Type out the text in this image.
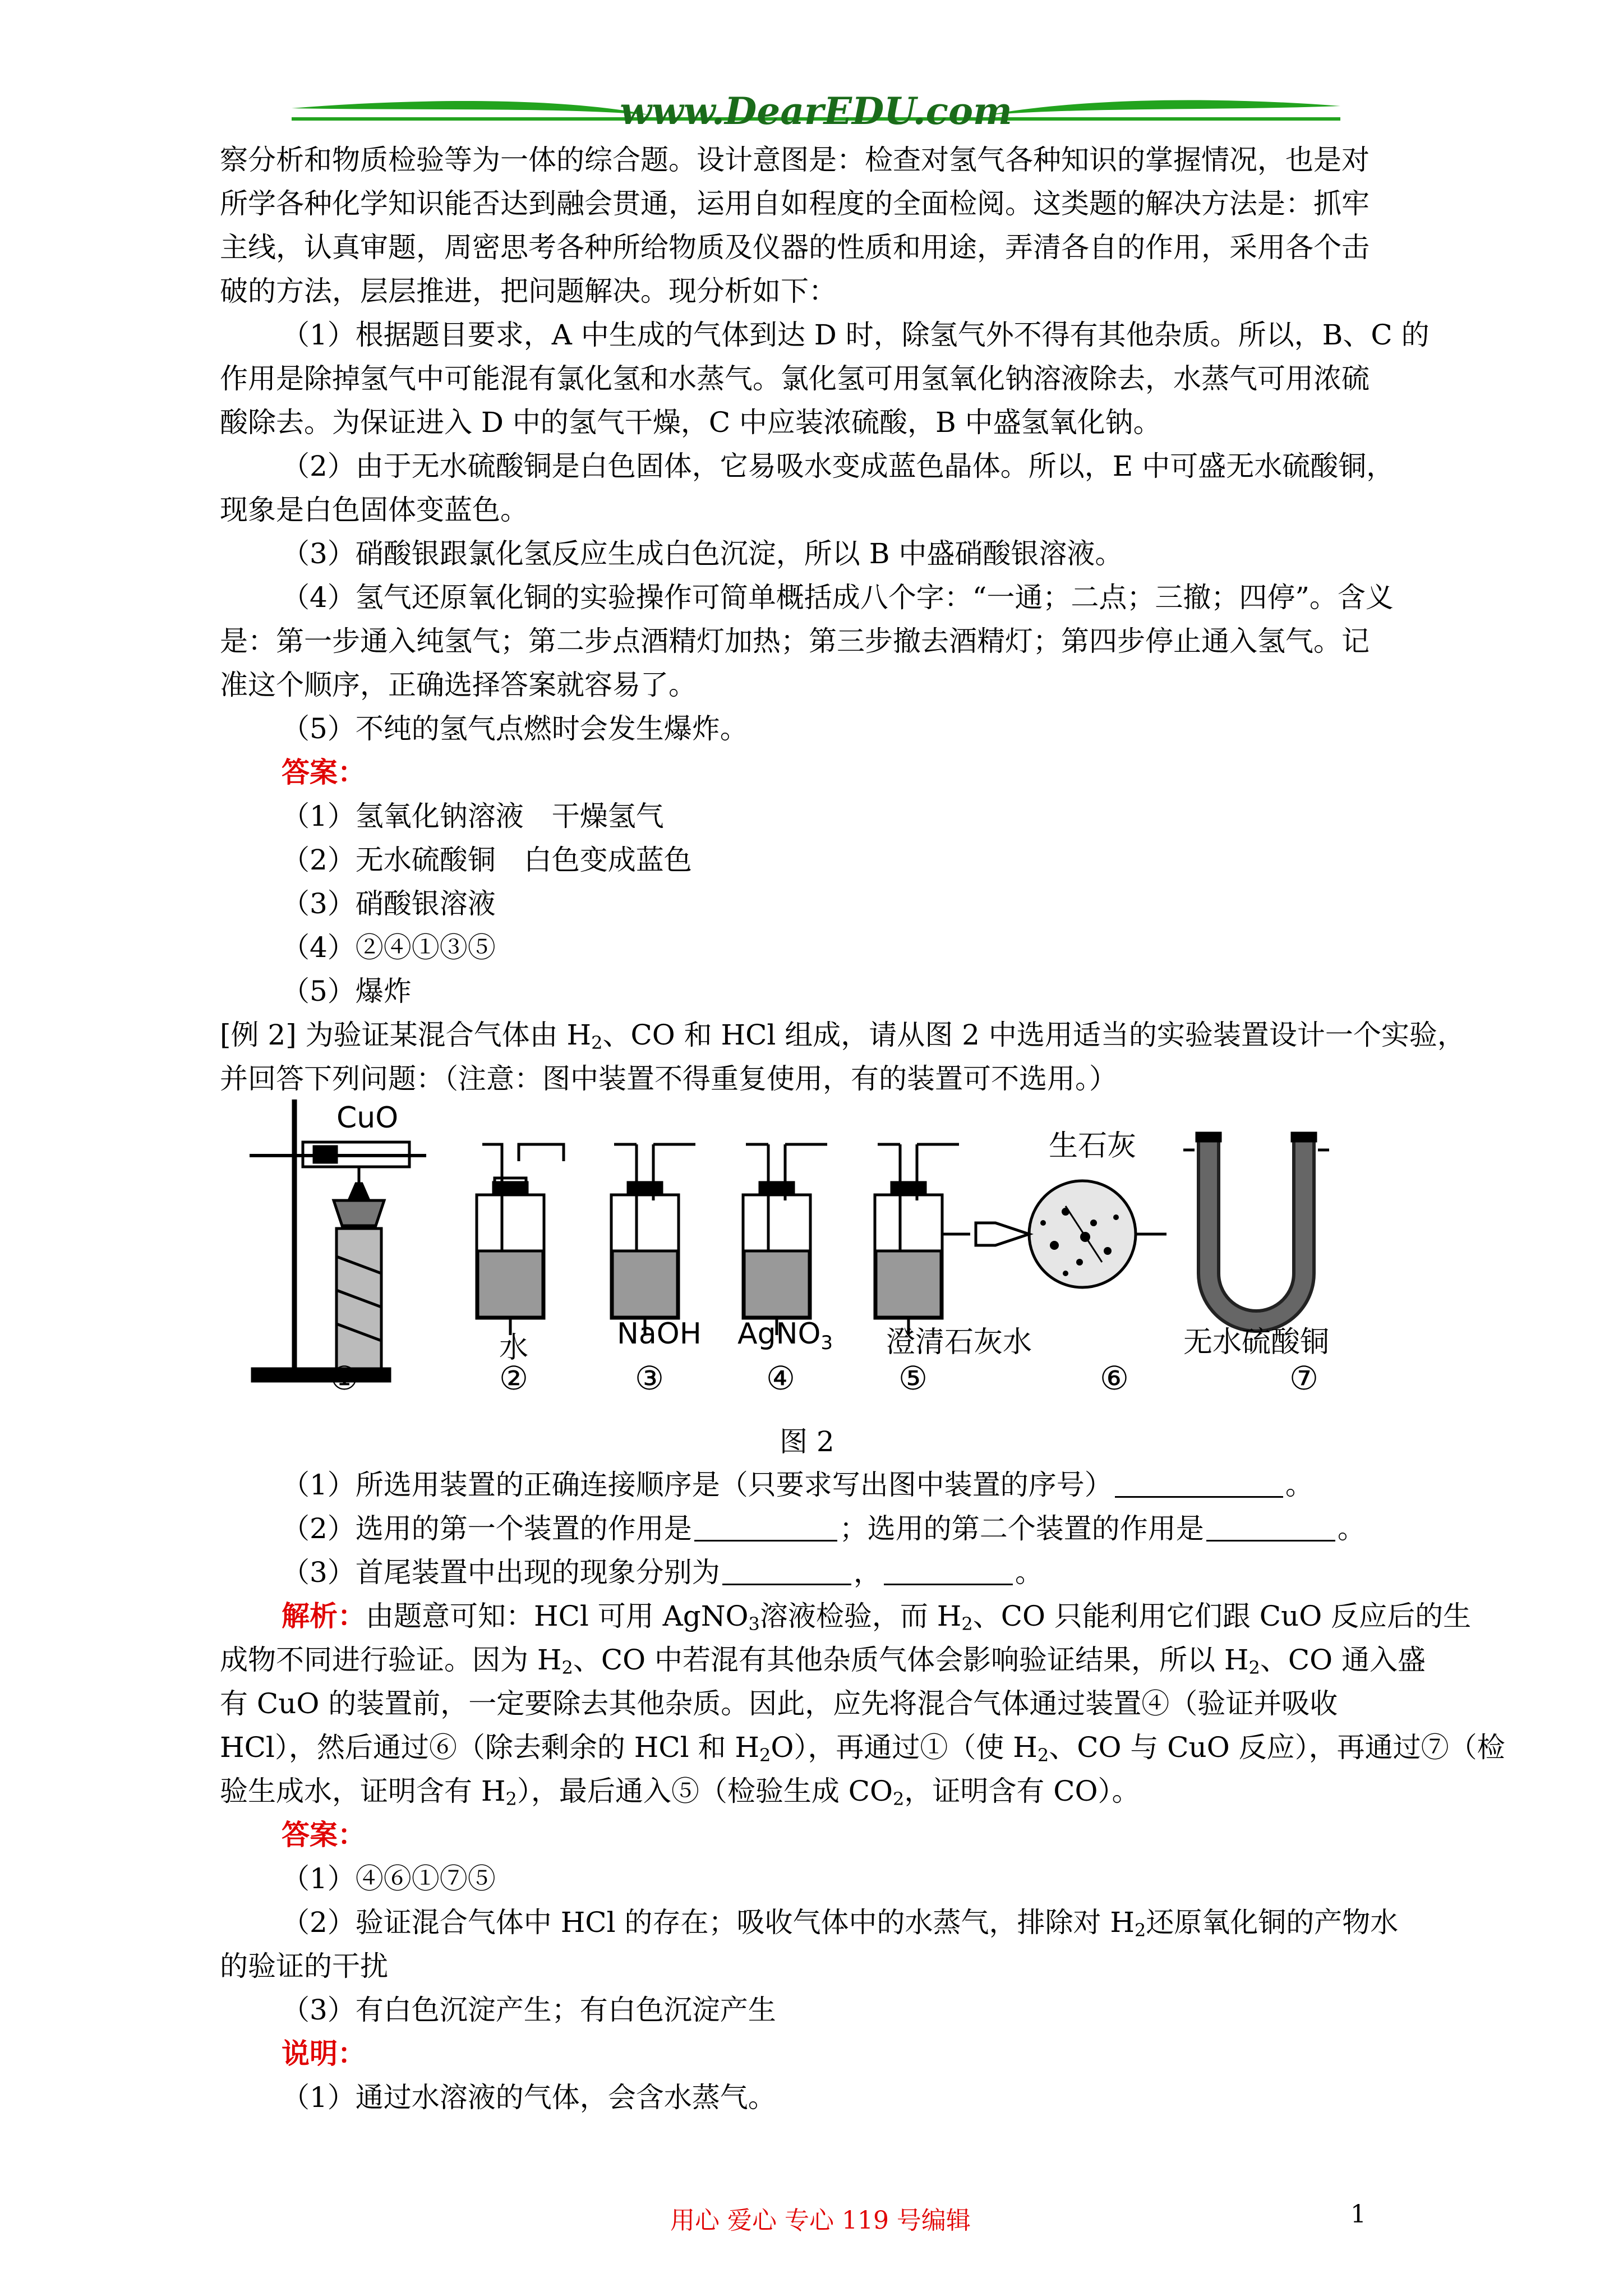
www.DearEDU.com
察分析和物质检验等为一体的综合题。设计意图是：检查对氢气各种知识的掌握情况，也是对
所学各种化学知识能否达到融会贯通，运用自如程度的全面检阅。这类题的解决方法是：抓牢
主线，认真审题，周密思考各种所给物质及仪器的性质和用途，弄清各自的作用，采用各个击
破的方法，层层推进，把问题解决。现分析如下：
（1）根据题目要求，A 中生成的气体到达 D 时，除氢气外不得有其他杂质。所以，B、C 的
作用是除掉氢气中可能混有氯化氢和水蒸气。氯化氢可用氢氧化钠溶液除去，水蒸气可用浓硫
酸除去。为保证进入 D 中的氢气干燥，C 中应装浓硫酸，B 中盛氢氧化钠。
（2）由于无水硫酸铜是白色固体，它易吸水变成蓝色晶体。所以，E 中可盛无水硫酸铜，
现象是白色固体变蓝色。
（3）硝酸银跟氯化氢反应生成白色沉淀，所以 B 中盛硝酸银溶液。
（4）氢气还原氧化铜的实验操作可简单概括成八个字：“一通；二点；三撤；四停”。含义
是：第一步通入纯氢气；第二步点酒精灯加热；第三步撤去酒精灯；第四步停止通入氢气。记
准这个顺序，正确选择答案就容易了。
（5）不纯的氢气点燃时会发生爆炸。
答案：
（1）氢氧化钠溶液　干燥氢气
（2）无水硫酸铜　白色变成蓝色
（3）硝酸银溶液
（4）②④①③⑤
（5）爆炸
[例 2] 为验证某混合气体由 $H_2$、CO 和 HCl 组成，请从图 2 中选用适当的实验装置设计一个实验，
并回答下列问题：（注意：图中装置不得重复使用，有的装置可不选用。）
CuO
生石灰
水	NaOH AgNO3 澄清石灰水	无水硫酸铜
①	②	③	④	⑤	⑥	⑦
图 2
（1）所选用装置的正确连接顺序是（只要求写出图中装置的序号）	。
（2）选用的第一个装置的作用是	；选用的第二个装置的作用是	。
（3）首尾装置中出现的现象分别为	，	。
解析：由题意可知：HCl 可用 AgNO$_3$溶液检验，而 $H_2$、CO 只能利用它们跟 CuO 反应后的生
成物不同进行验证。因为 $H_2$、CO 中若混有其他杂质气体会影响验证结果，所以 $H_2$、CO 通入盛
有 CuO 的装置前，一定要除去其他杂质。因此，应先将混合气体通过装置④（验证并吸收
HCl），然后通过⑥（除去剩余的 HCl 和 $H_2O$），再通过①（使 $H_2$、CO 与 CuO 反应），再通过⑦（检
验生成水，证明含有 $H_2$），最后通入⑤（检验生成 $CO_2$，证明含有 CO）。
答案：
（1）④⑥①⑦⑤
（2）验证混合气体中 HCl 的存在；吸收气体中的水蒸气，排除对 $H_2$还原氧化铜的产物水
的验证的干扰
（3）有白色沉淀产生；有白色沉淀产生
说明：
（1）通过水溶液的气体，会含水蒸气。
用心 爱心 专心 119 号编辑	1
